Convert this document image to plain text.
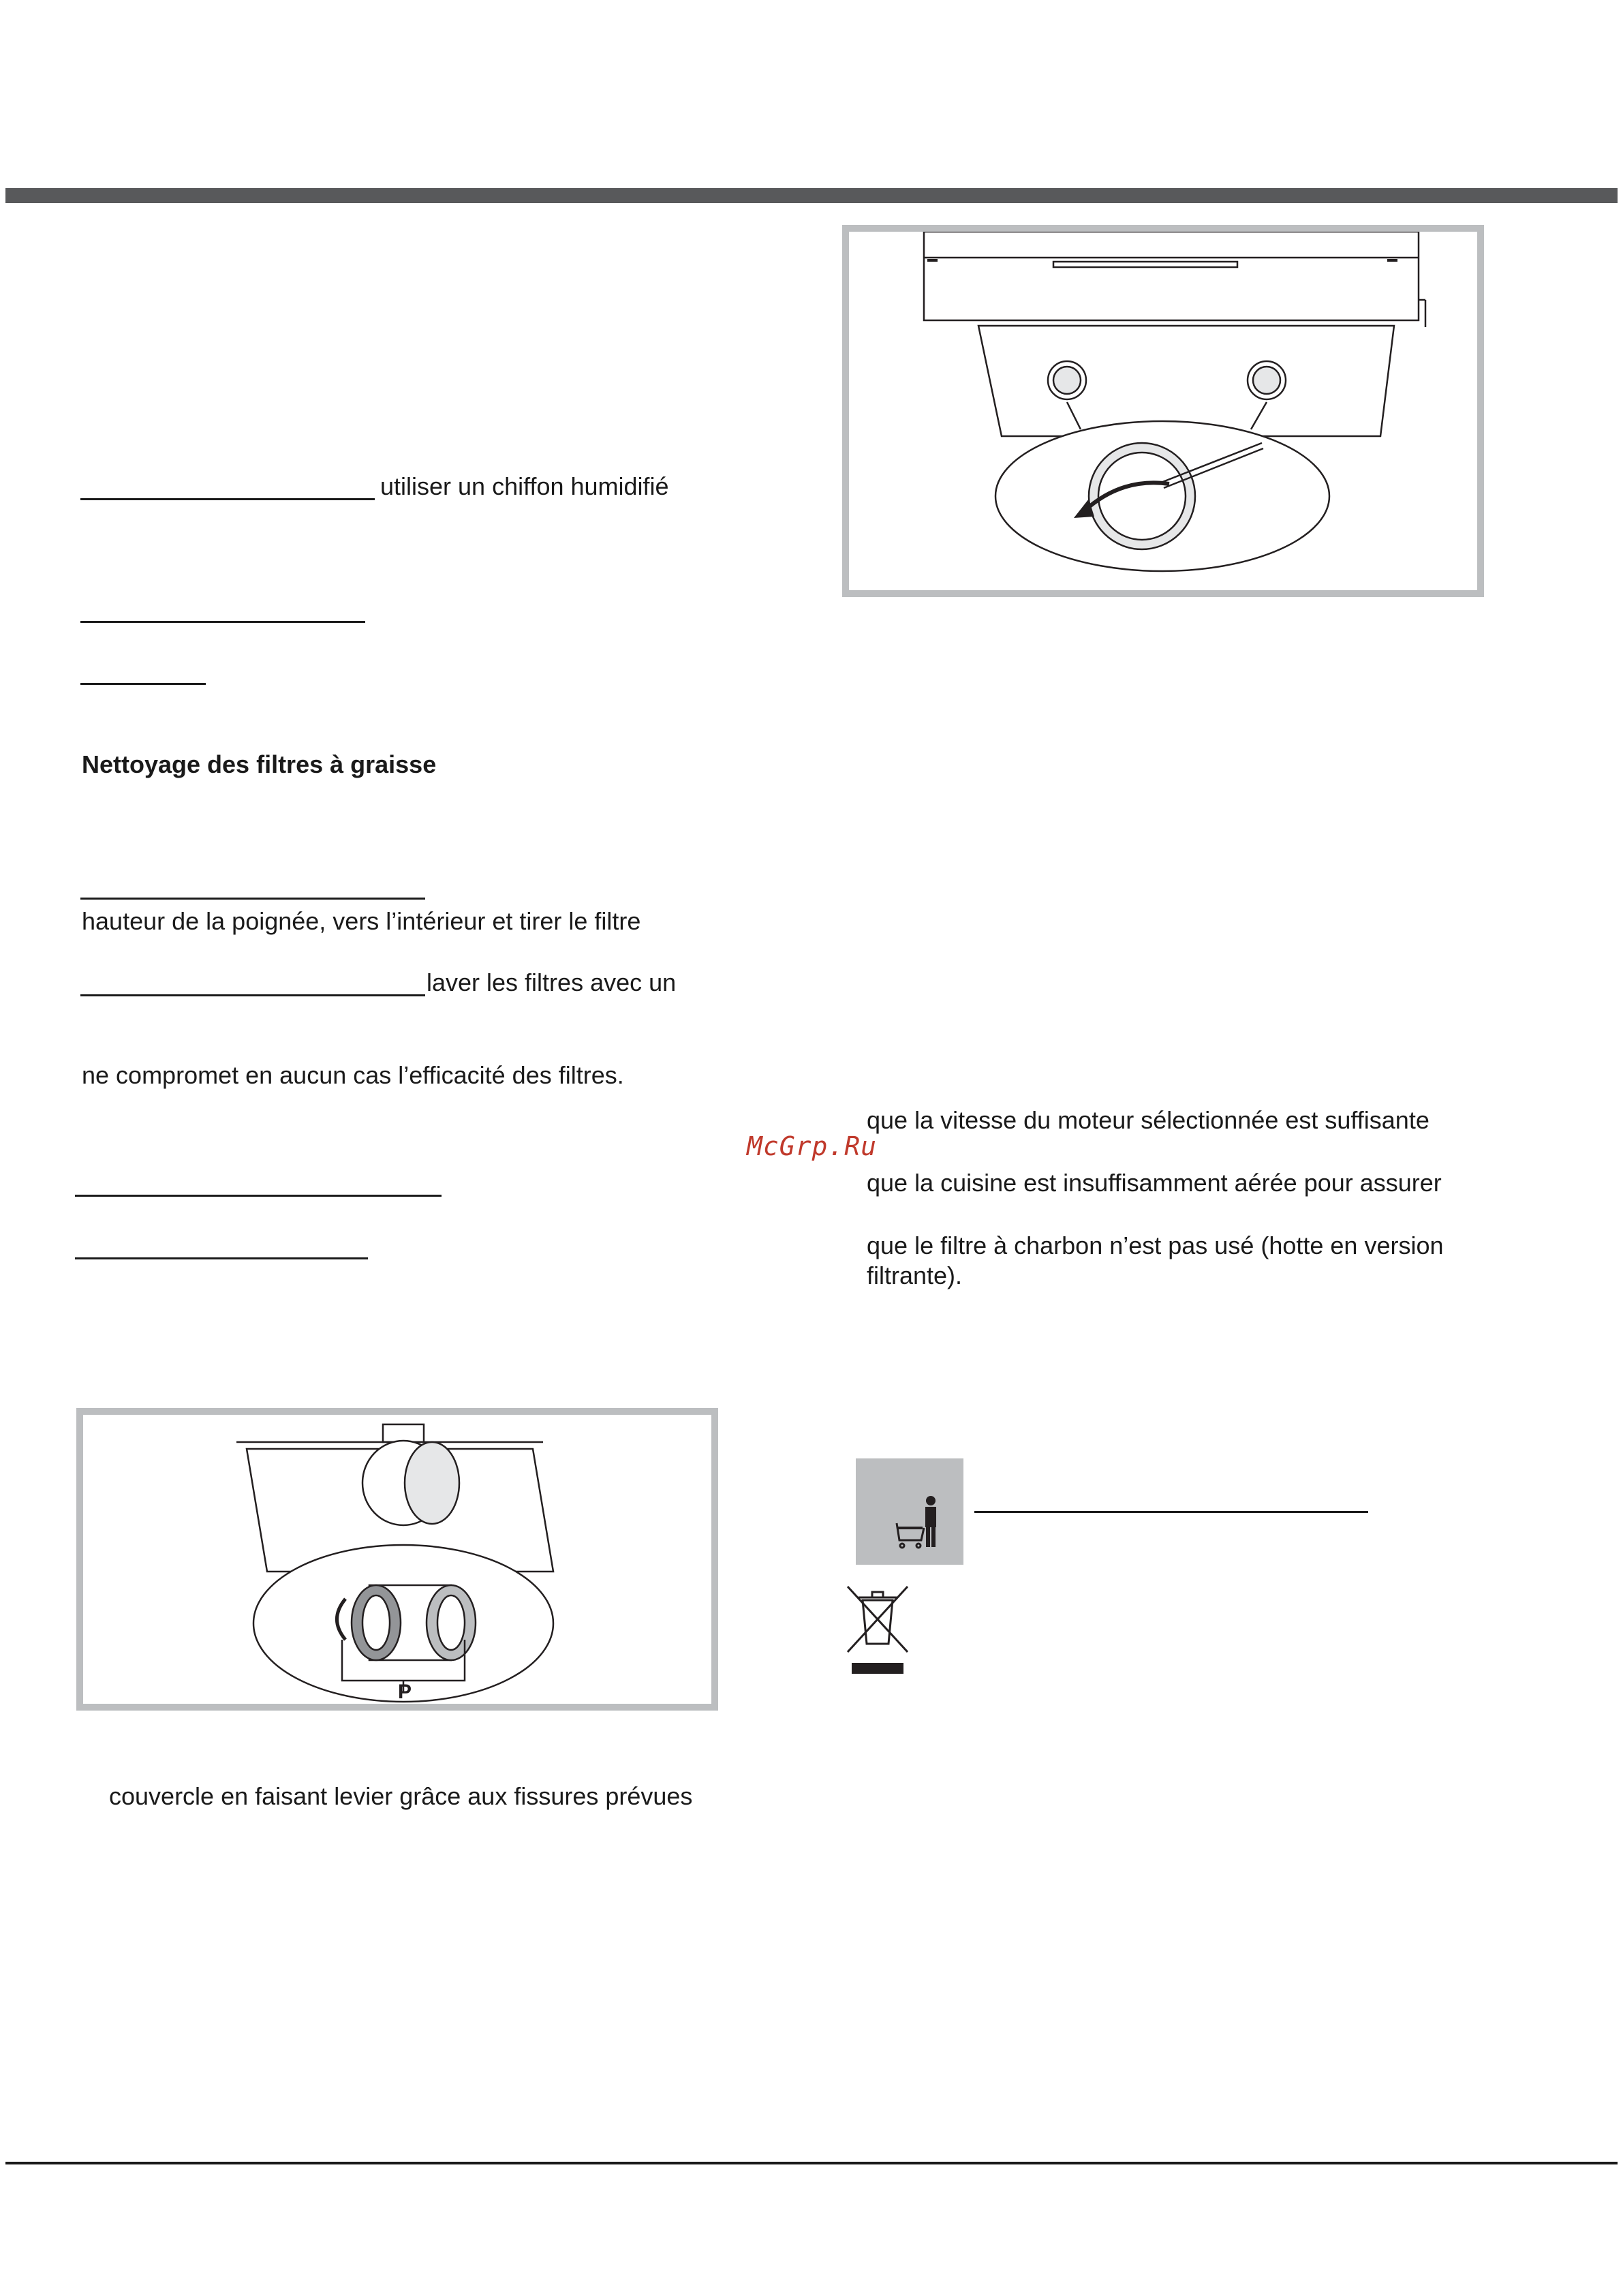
utiliser un chiffon humidifié
Nettoyage des filtres à graisse
hauteur de la poignée, vers l’intérieur et tirer le filtre
laver les filtres avec un
ne compromet en aucun cas l’efficacité des filtres.
McGrp.Ru
que la vitesse du moteur sélectionnée est suffisante
que la cuisine est insuffisamment aérée pour assurer
que le filtre à charbon n’est pas usé (hotte en version
filtrante).
P
couvercle en faisant levier grâce aux fissures prévues
